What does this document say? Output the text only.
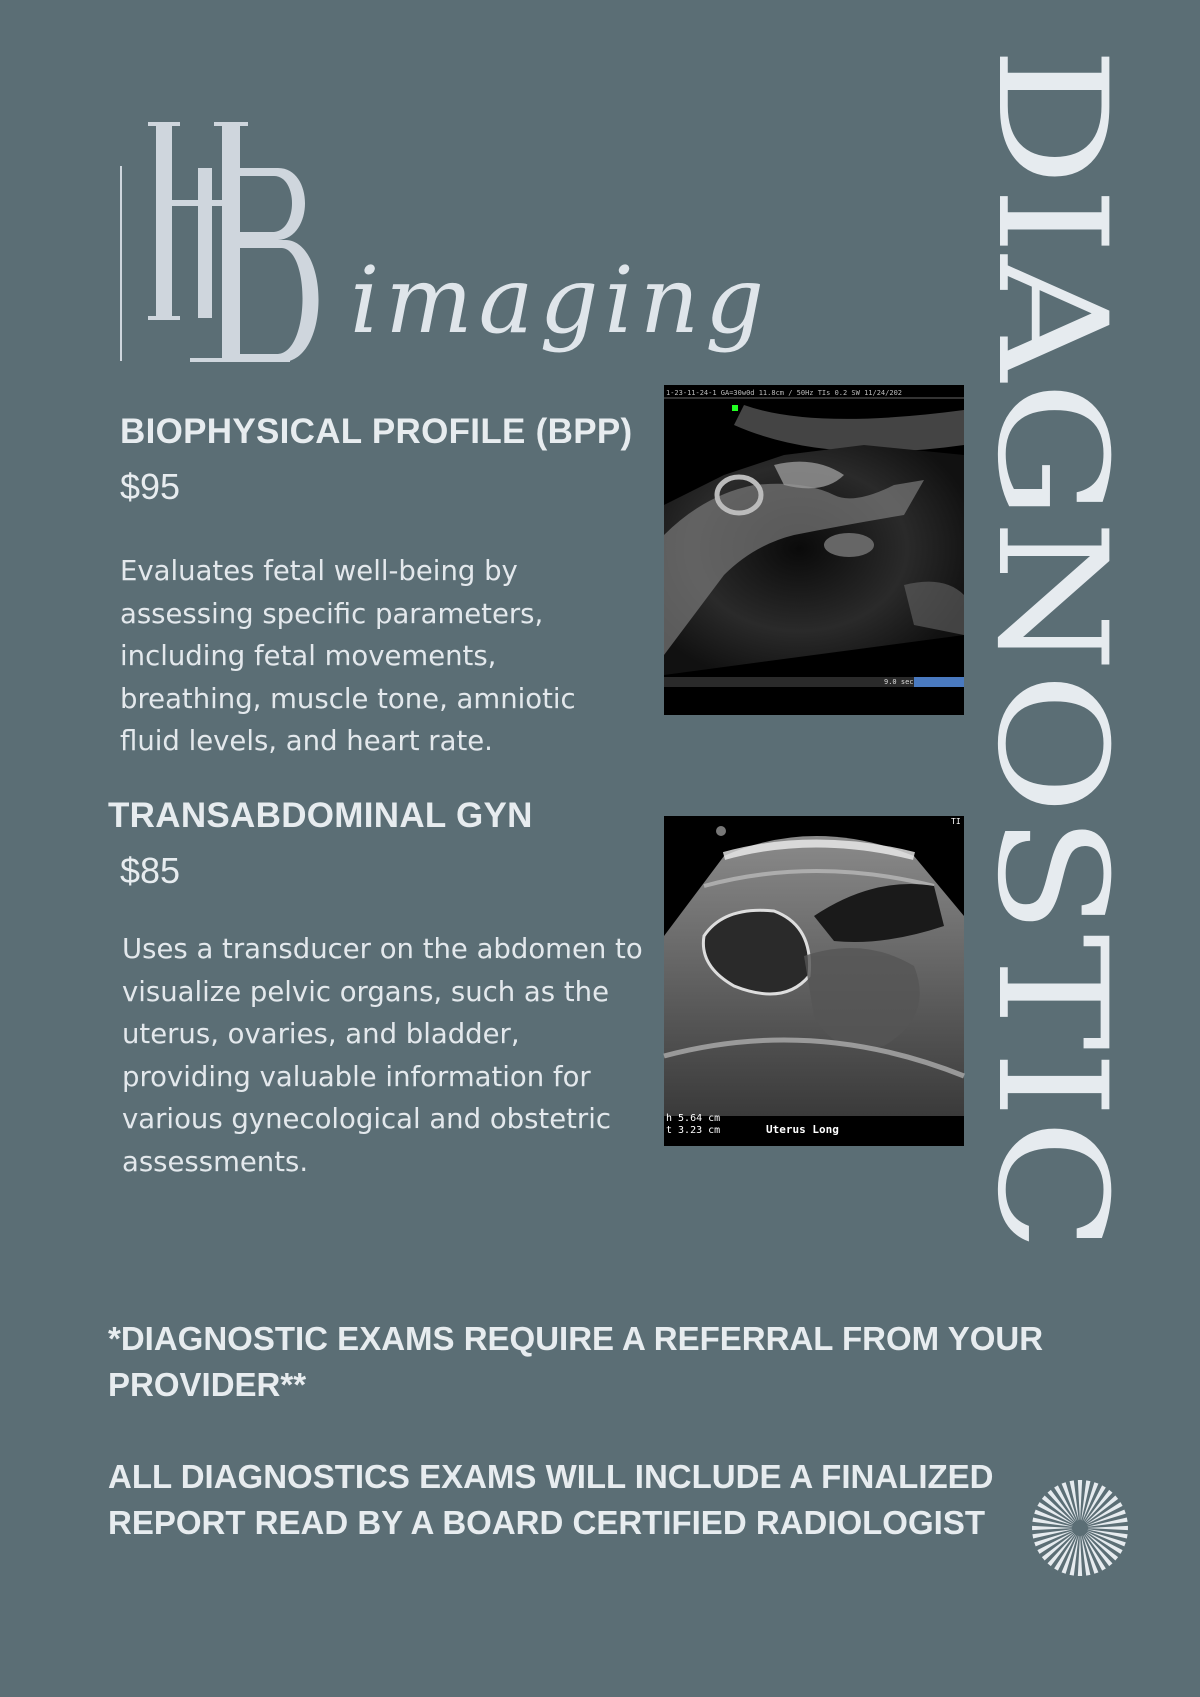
imaging DIAGNOSTIC
BIOPHYSICAL PROFILE (BPP)
$95

Evaluates fetal well-being by assessing specific parameters, including fetal movements, breathing, muscle tone, amniotic fluid levels, and heart rate.

1-23-11-24-1 GA=30w0d 11.8cm / 50Hz TIs 0.2 SW 11/24/202
9.0 sec
TRANSABDOMINAL GYN
$85

Uses a transducer on the abdomen to visualize pelvic organs, such as the uterus, ovaries, and bladder, providing valuable information for various gynecological and obstetric assessments.

TI
h 5.64 cm
t 3.23 cm	Uterus Long

*DIAGNOSTIC EXAMS REQUIRE A REFERRAL FROM YOUR PROVIDER**

ALL DIAGNOSTICS EXAMS WILL INCLUDE A FINALIZED REPORT READ BY A BOARD CERTIFIED RADIOLOGIST
